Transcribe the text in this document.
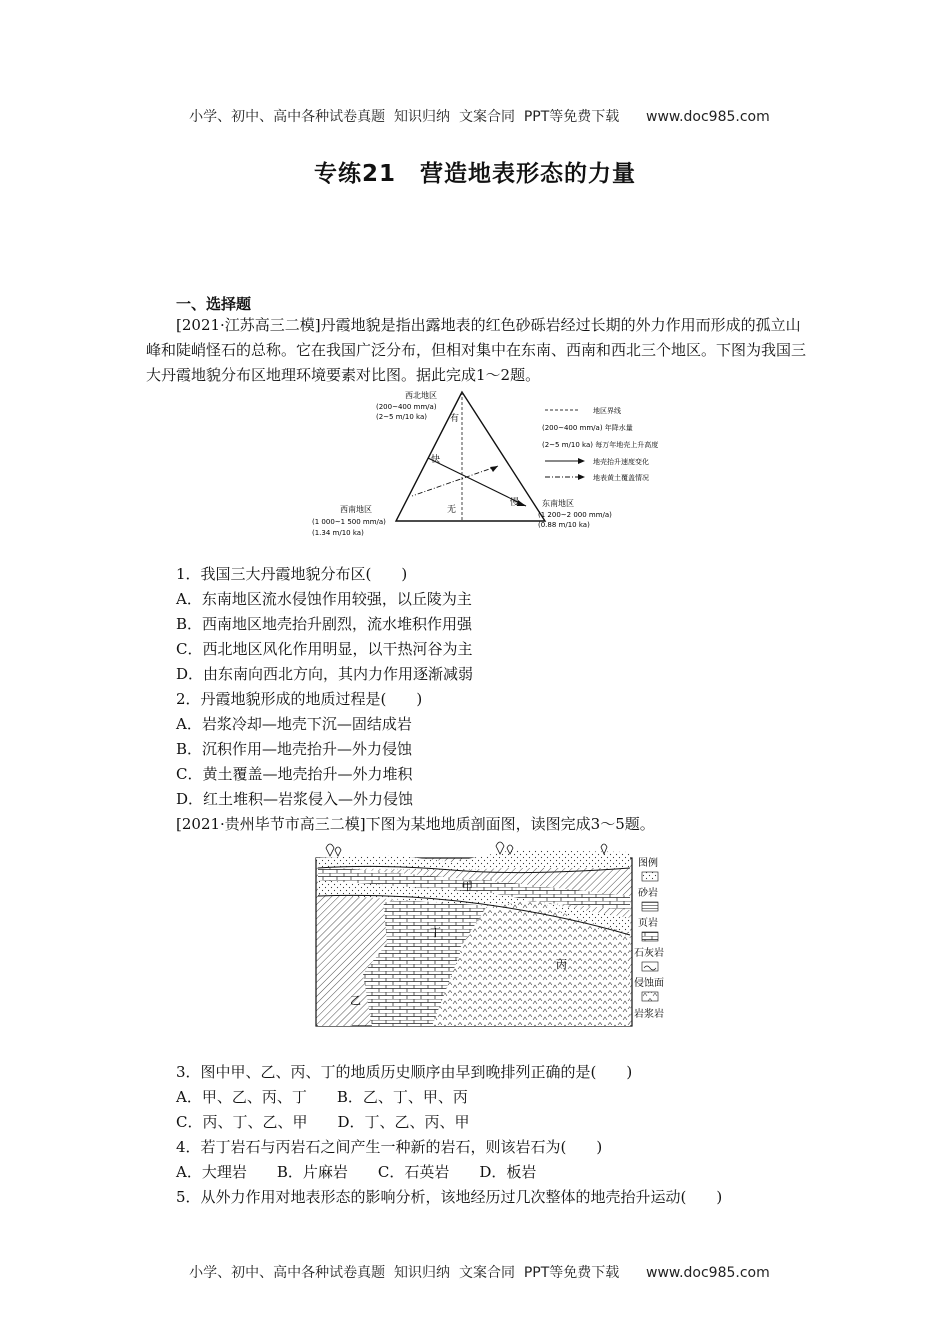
小学、初中、高中各种试卷真题  知识归纳  文案合同  PPT等免费下载 www.doc985.com

专练21　营造地表形态的力量
一、选择题
[2021·江苏高三二模]丹霞地貌是指出露地表的红色砂砾岩经过长期的外力作用而形成的孤立山峰和陡峭怪石的总称。它在我国广泛分布，但相对集中在东南、西南和西北三个地区。下图为我国三大丹霞地貌分布区地理环境要素对比图。据此完成1～2题。
西北地区
(200~400 mm/a)
(2~5 m/10 ka)	有
快
慢
无
西南地区
(1 000~1 500 mm/a)
(1.34 m/10 ka)
东南地区
(1 200~2 000 mm/a)
(0.88 m/10 ka)
地区界线
(200~400 mm/a) 年降水量
(2~5 m/10 ka) 每万年地壳上升高度
地壳抬升速度变化
地表黄土覆盖情况
1．我国三大丹霞地貌分布区(　　)
A．东南地区流水侵蚀作用较强，以丘陵为主
B．西南地区地壳抬升剧烈，流水堆积作用强
C．西北地区风化作用明显，以干热河谷为主
D．由东南向西北方向，其内力作用逐渐减弱
2．丹霞地貌形成的地质过程是(　　)
A．岩浆冷却—地壳下沉—固结成岩
B．沉积作用—地壳抬升—外力侵蚀
C．黄土覆盖—地壳抬升—外力堆积
D．红土堆积—岩浆侵入—外力侵蚀
[2021·贵州毕节市高三二模]下图为某地地质剖面图，读图完成3～5题。
甲
丁
丙
乙
图例
砂岩
页岩
石灰岩
侵蚀面
岩浆岩
3．图中甲、乙、丙、丁的地质历史顺序由早到晚排列正确的是(　　)
A．甲、乙、丙、丁　　B．乙、丁、甲、丙
C．丙、丁、乙、甲　　D．丁、乙、丙、甲
4．若丁岩石与丙岩石之间产生一种新的岩石，则该岩石为(　　)
A．大理岩　　B．片麻岩　　C．石英岩　　D．板岩
5．从外力作用对地表形态的影响分析，该地经历过几次整体的地壳抬升运动(　　)

小学、初中、高中各种试卷真题  知识归纳  文案合同  PPT等免费下载 www.doc985.com
